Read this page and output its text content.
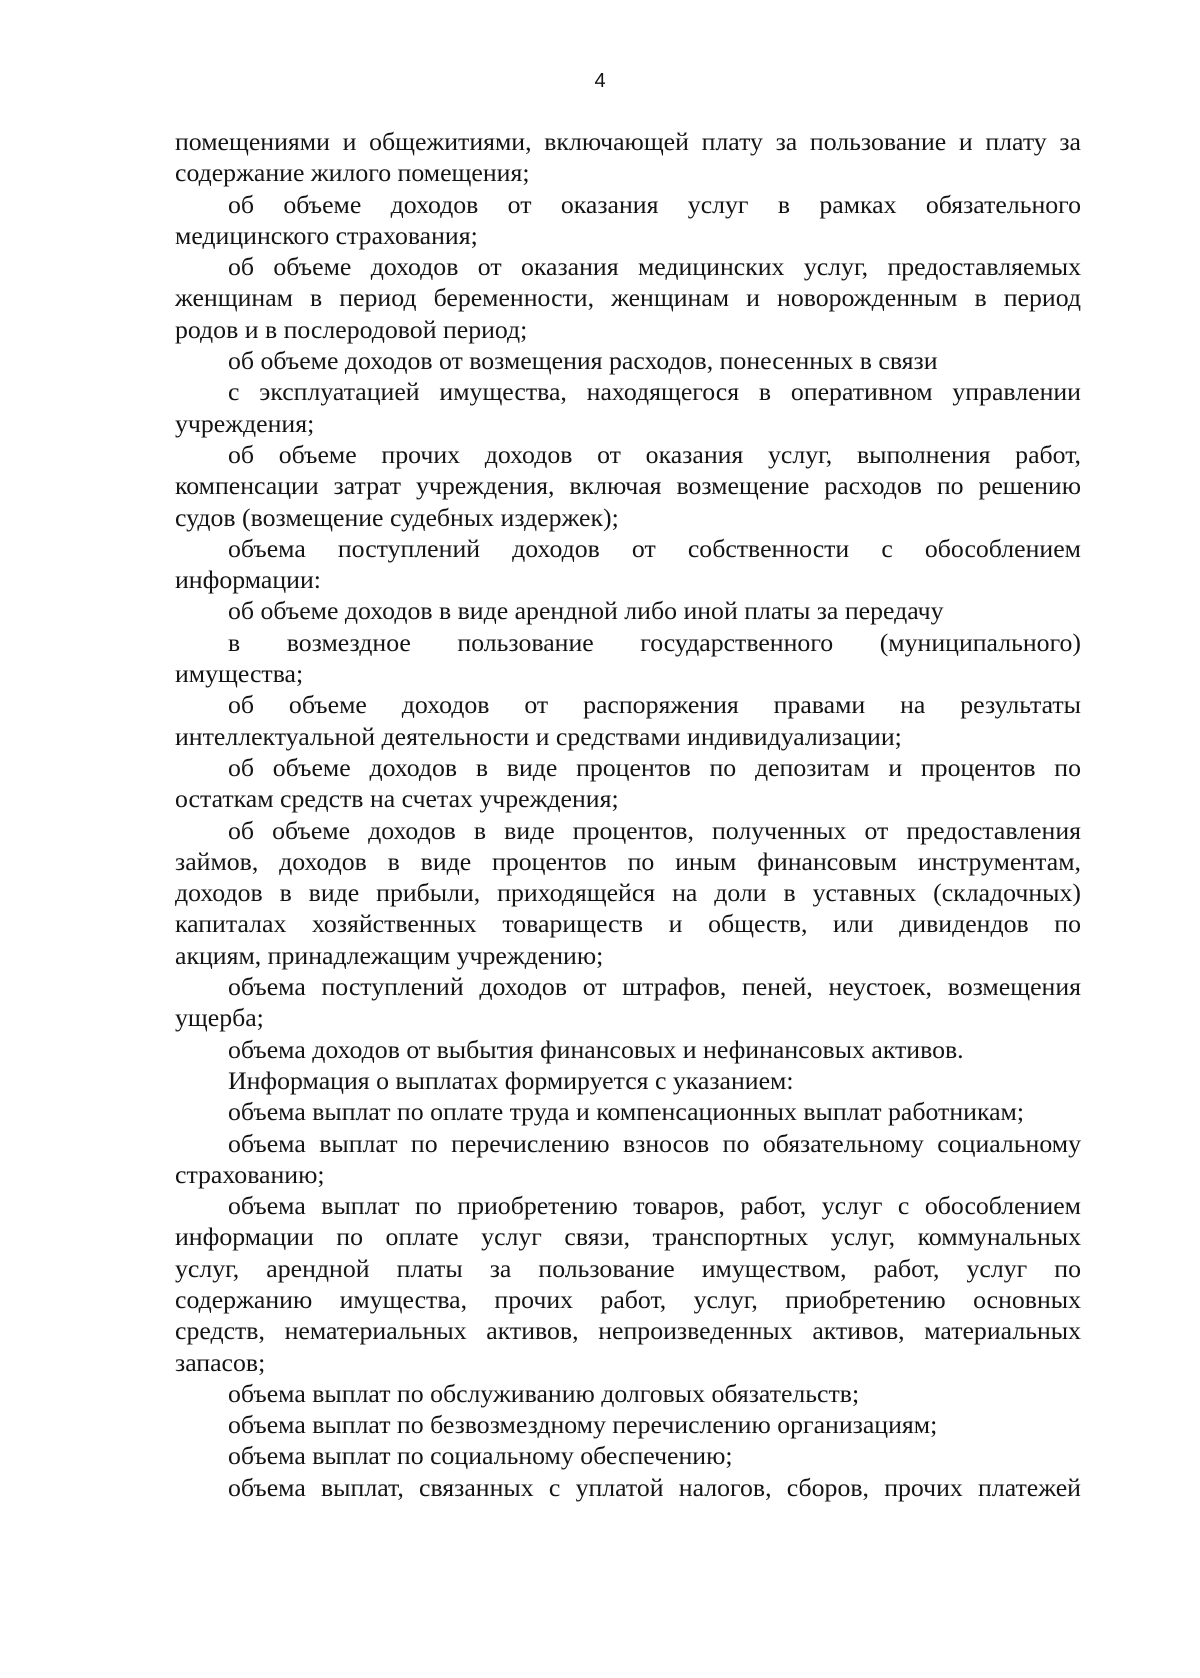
4
помещениями и общежитиями, включающей плату за пользование и плату за
содержание жилого помещения;
об объеме доходов от оказания услуг в рамках обязательного
медицинского страхования;
об объеме доходов от оказания медицинских услуг, предоставляемых
женщинам в период беременности, женщинам и новорожденным в период
родов и в послеродовой период;
об объеме доходов от возмещения расходов, понесенных в связи
с эксплуатацией имущества, находящегося в оперативном управлении
учреждения;
об объеме прочих доходов от оказания услуг, выполнения работ,
компенсации затрат учреждения, включая возмещение расходов по решению
судов (возмещение судебных издержек);
объема поступлений доходов от собственности с обособлением
информации:
об объеме доходов в виде арендной либо иной платы за передачу
в возмездное пользование государственного (муниципального)
имущества;
об объеме доходов от распоряжения правами на результаты
интеллектуальной деятельности и средствами индивидуализации;
об объеме доходов в виде процентов по депозитам и процентов по
остаткам средств на счетах учреждения;
об объеме доходов в виде процентов, полученных от предоставления
займов, доходов в виде процентов по иным финансовым инструментам,
доходов в виде прибыли, приходящейся на доли в уставных (складочных)
капиталах хозяйственных товариществ и обществ, или дивидендов по
акциям, принадлежащим учреждению;
объема поступлений доходов от штрафов, пеней, неустоек, возмещения
ущерба;
объема доходов от выбытия финансовых и нефинансовых активов.
Информация о выплатах формируется с указанием:
объема выплат по оплате труда и компенсационных выплат работникам;
объема выплат по перечислению взносов по обязательному социальному
страхованию;
объема выплат по приобретению товаров, работ, услуг с обособлением
информации по оплате услуг связи, транспортных услуг, коммунальных
услуг, арендной платы за пользование имуществом, работ, услуг по
содержанию имущества, прочих работ, услуг, приобретению основных
средств, нематериальных активов, непроизведенных активов, материальных
запасов;
объема выплат по обслуживанию долговых обязательств;
объема выплат по безвозмездному перечислению организациям;
объема выплат по социальному обеспечению;
объема выплат, связанных с уплатой налогов, сборов, прочих платежей
